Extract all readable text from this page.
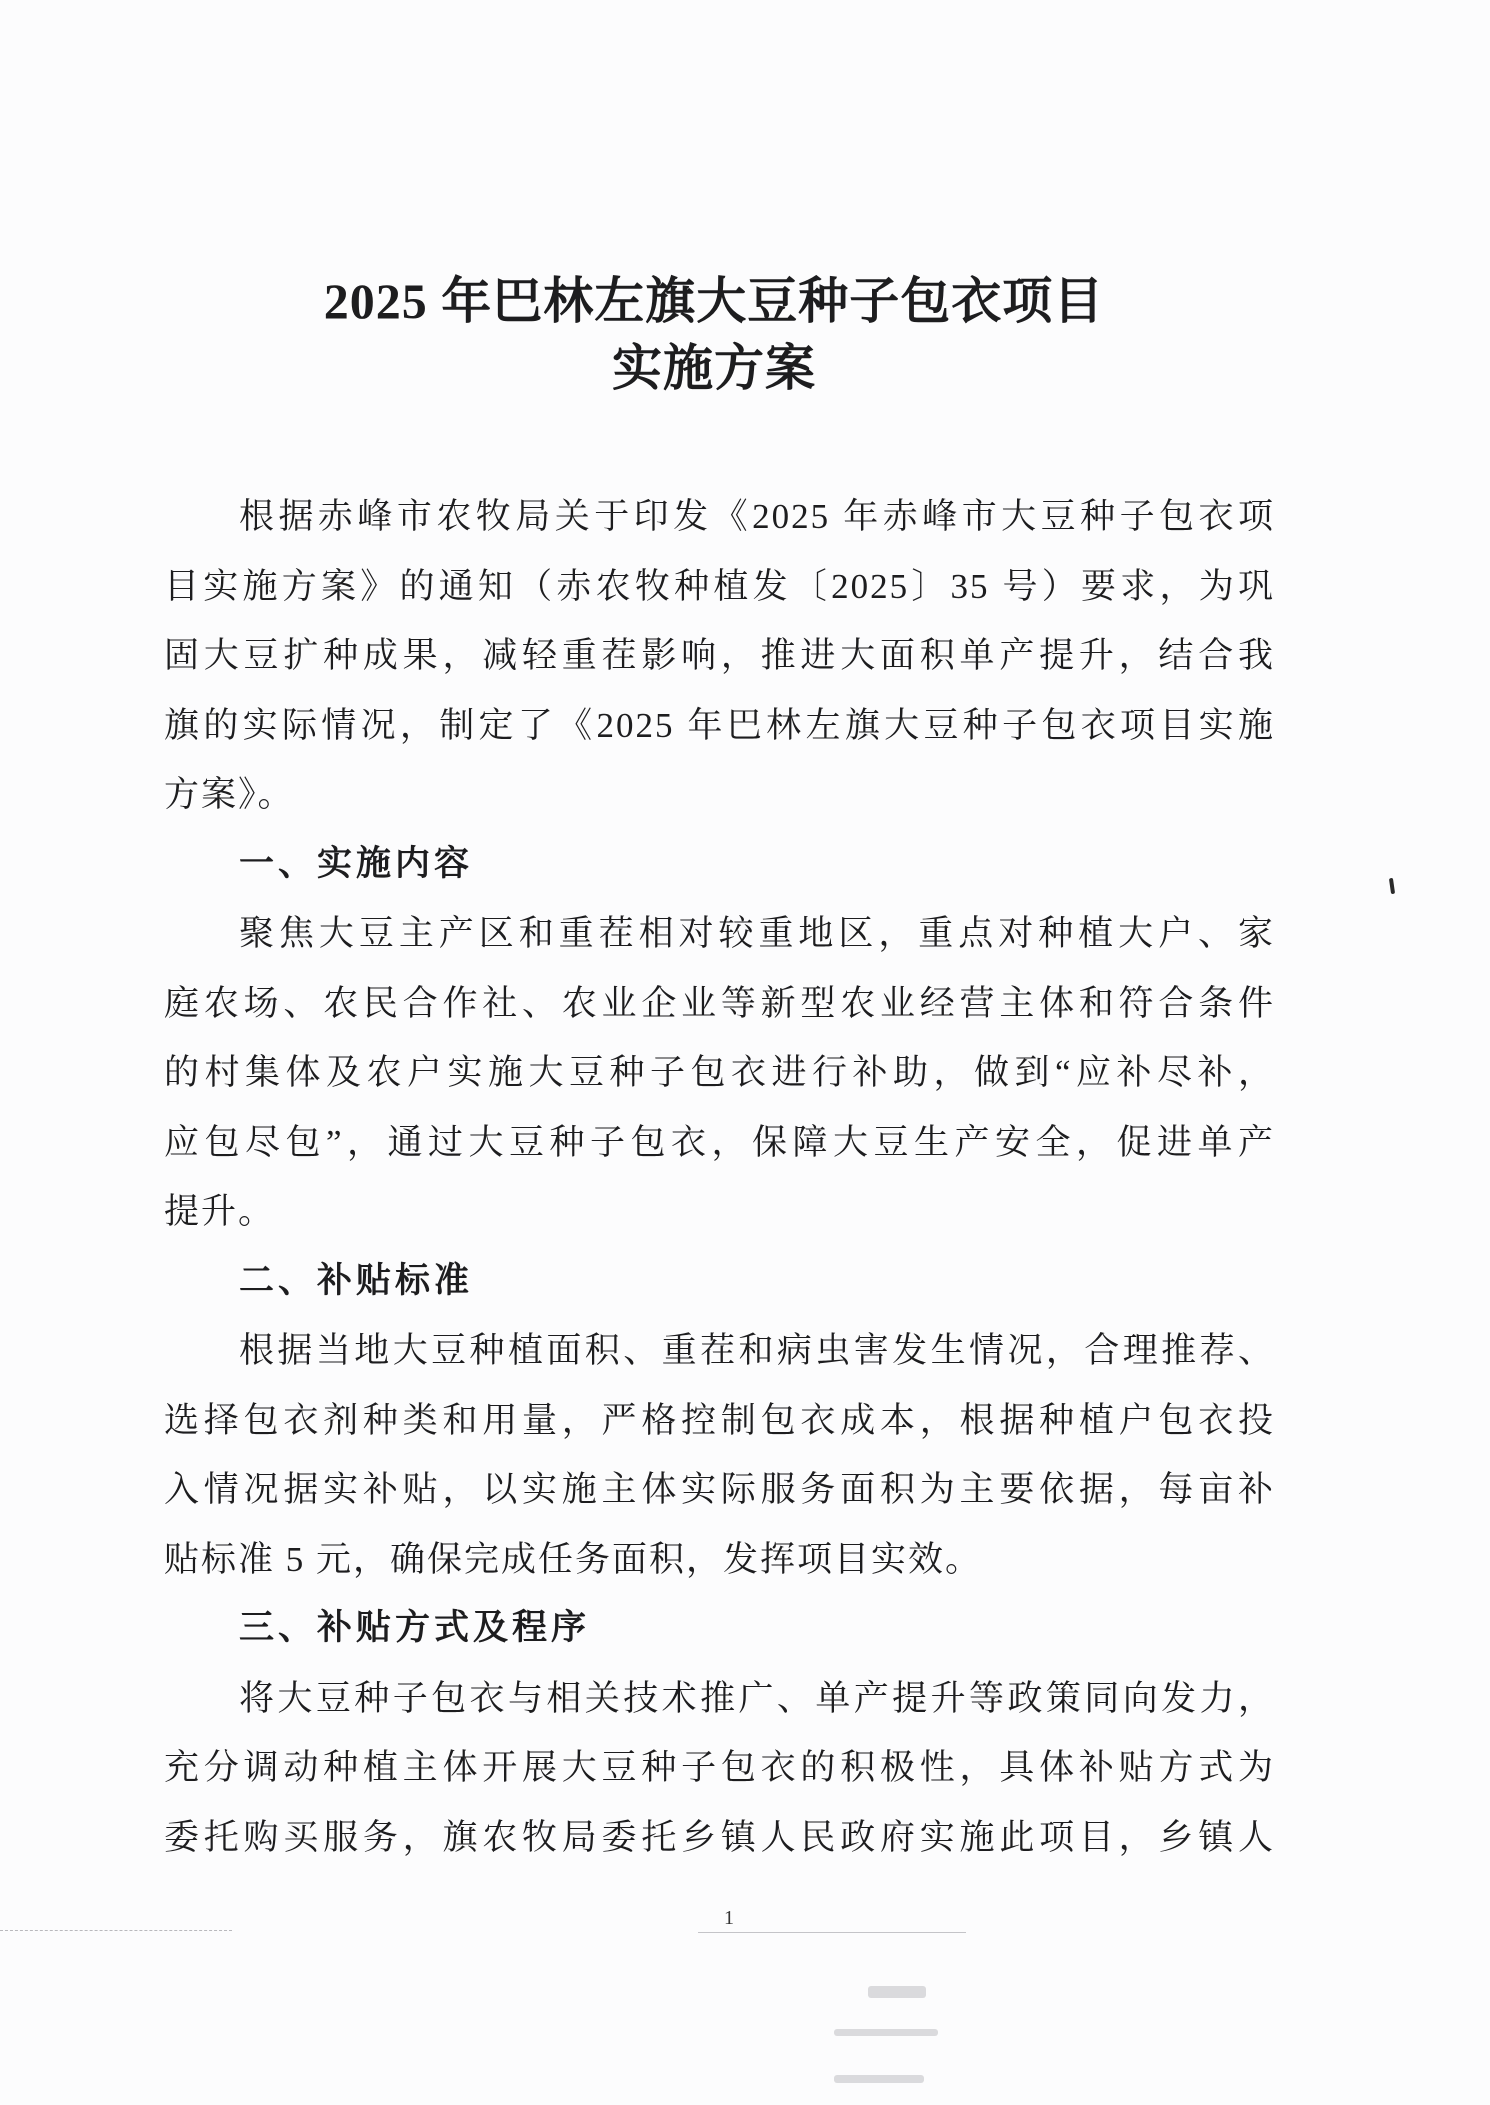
2025 年巴林左旗大豆种子包衣项目
实施方案
根据赤峰市农牧局关于印发《2025 年赤峰市大豆种子包衣项
目实施方案》的通知（赤农牧种植发〔2025〕35 号）要求，为巩
固大豆扩种成果，减轻重茬影响，推进大面积单产提升，结合我
旗的实际情况，制定了《2025 年巴林左旗大豆种子包衣项目实施
方案》。
一、实施内容
聚焦大豆主产区和重茬相对较重地区，重点对种植大户、家
庭农场、农民合作社、农业企业等新型农业经营主体和符合条件
的村集体及农户实施大豆种子包衣进行补助，做到“应补尽补，
应包尽包”，通过大豆种子包衣，保障大豆生产安全，促进单产
提升。
二、补贴标准
根据当地大豆种植面积、重茬和病虫害发生情况，合理推荐、
选择包衣剂种类和用量，严格控制包衣成本，根据种植户包衣投
入情况据实补贴，以实施主体实际服务面积为主要依据，每亩补
贴标准 5 元，确保完成任务面积，发挥项目实效。
三、补贴方式及程序
将大豆种子包衣与相关技术推广、单产提升等政策同向发力，
充分调动种植主体开展大豆种子包衣的积极性，具体补贴方式为
委托购买服务，旗农牧局委托乡镇人民政府实施此项目，乡镇人
1
